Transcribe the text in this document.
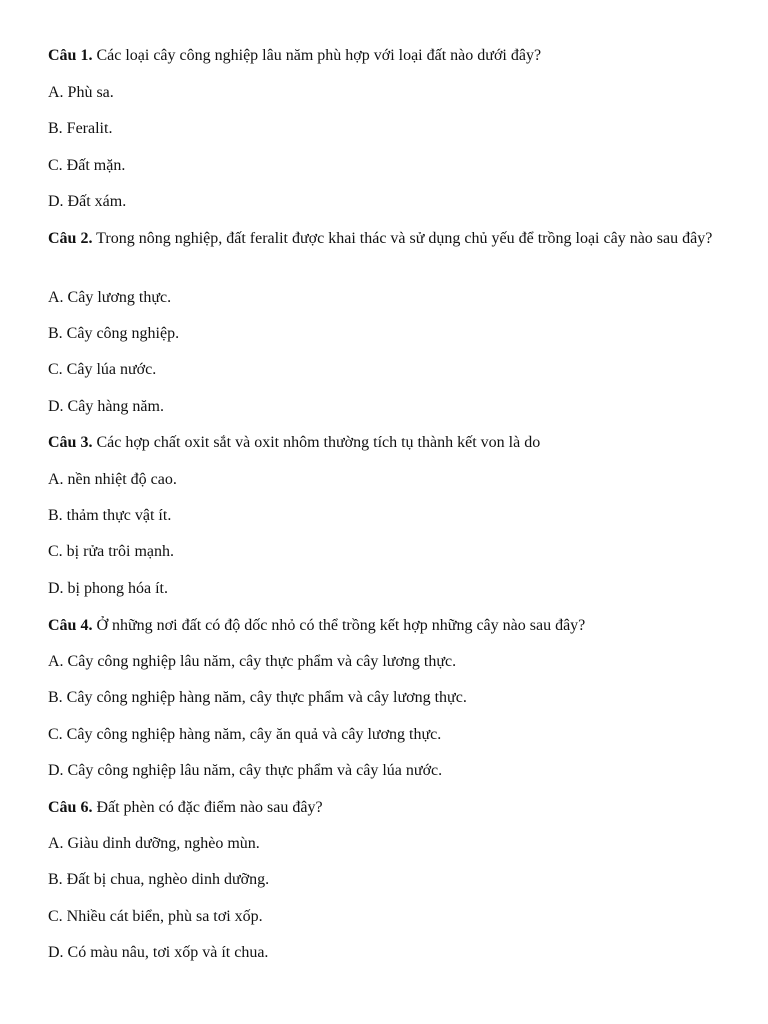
Câu 1. Các loại cây công nghiệp lâu năm phù hợp với loại đất nào dưới đây?
A. Phù sa.
B. Feralit.
C. Đất mặn.
D. Đất xám.
Câu 2. Trong nông nghiệp, đất feralit được khai thác và sử dụng chủ yếu để trồng loại cây nào sau đây?
A. Cây lương thực.
B. Cây công nghiệp.
C. Cây lúa nước.
D. Cây hàng năm.
Câu 3. Các hợp chất oxit sắt và oxit nhôm thường tích tụ thành kết von là do
A. nền nhiệt độ cao.
B. thảm thực vật ít.
C. bị rửa trôi mạnh.
D. bị phong hóa ít.
Câu 4. Ở những nơi đất có độ dốc nhỏ có thể trồng kết hợp những cây nào sau đây?
A. Cây công nghiệp lâu năm, cây thực phẩm và cây lương thực.
B. Cây công nghiệp hàng năm, cây thực phẩm và cây lương thực.
C. Cây công nghiệp hàng năm, cây ăn quả và cây lương thực.
D. Cây công nghiệp lâu năm, cây thực phẩm và cây lúa nước.
Câu 6. Đất phèn có đặc điểm nào sau đây?
A. Giàu dinh dưỡng, nghèo mùn.
B. Đất bị chua, nghèo dinh dưỡng.
C. Nhiều cát biển, phù sa tơi xốp.
D. Có màu nâu, tơi xốp và ít chua.
